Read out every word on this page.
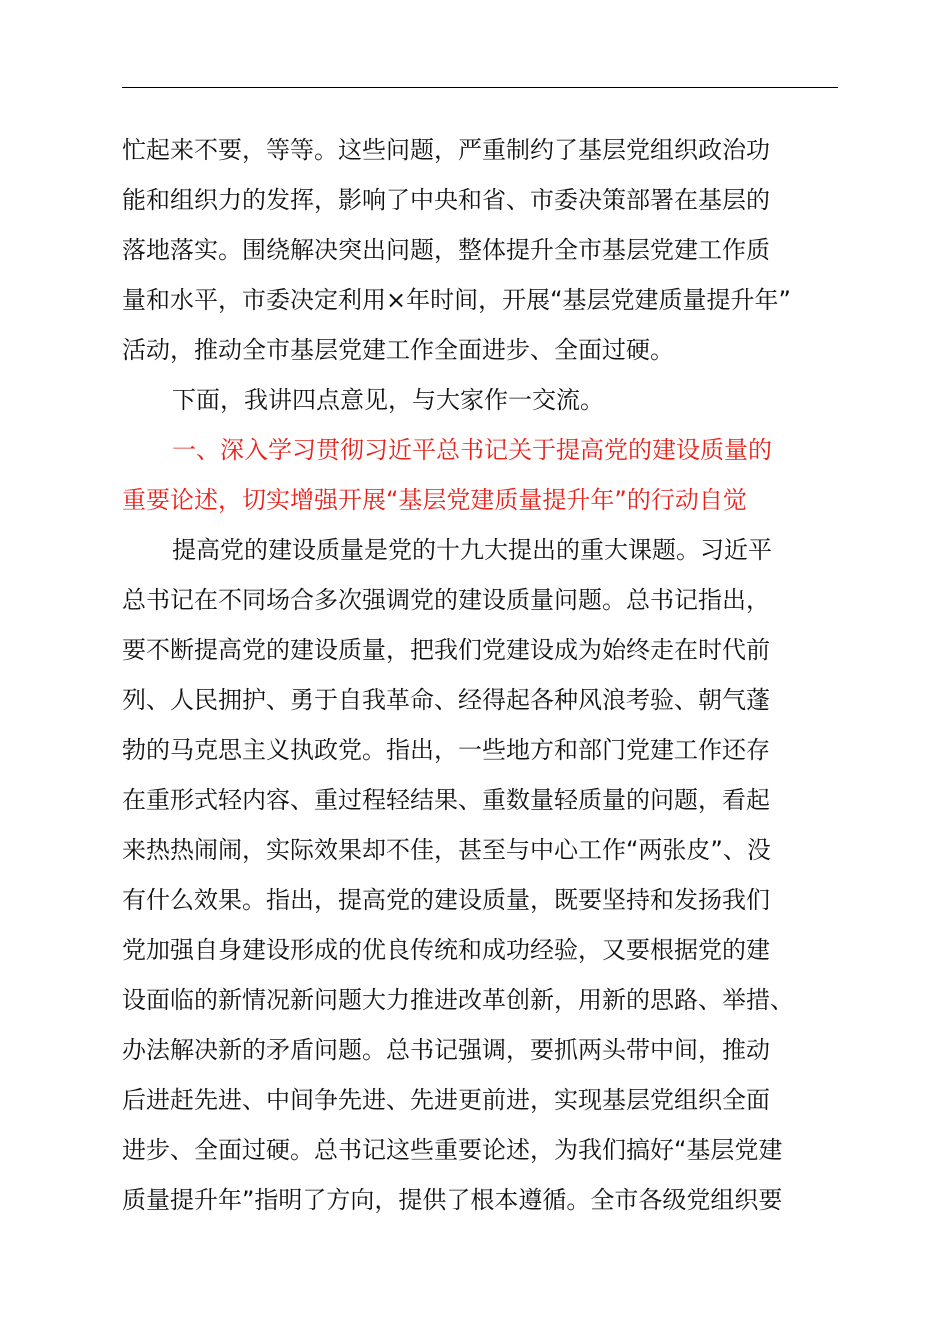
忙起来不要，等等。这些问题，严重制约了基层党组织政治功
能和组织力的发挥，影响了中央和省、市委决策部署在基层的
落地落实。围绕解决突出问题，整体提升全市基层党建工作质
量和水平，市委决定利用×年时间，开展“基层党建质量提升年”
活动，推动全市基层党建工作全面进步、全面过硬。
下面，我讲四点意见，与大家作一交流。
一、深入学习贯彻习近平总书记关于提高党的建设质量的
重要论述，切实增强开展“基层党建质量提升年”的行动自觉
提高党的建设质量是党的十九大提出的重大课题。习近平
总书记在不同场合多次强调党的建设质量问题。总书记指出，
要不断提高党的建设质量，把我们党建设成为始终走在时代前
列、人民拥护、勇于自我革命、经得起各种风浪考验、朝气蓬
勃的马克思主义执政党。指出，一些地方和部门党建工作还存
在重形式轻内容、重过程轻结果、重数量轻质量的问题，看起
来热热闹闹，实际效果却不佳，甚至与中心工作“两张皮”、没
有什么效果。指出，提高党的建设质量，既要坚持和发扬我们
党加强自身建设形成的优良传统和成功经验，又要根据党的建
设面临的新情况新问题大力推进改革创新，用新的思路、举措、
办法解决新的矛盾问题。总书记强调，要抓两头带中间，推动
后进赶先进、中间争先进、先进更前进，实现基层党组织全面
进步、全面过硬。总书记这些重要论述，为我们搞好“基层党建
质量提升年”指明了方向，提供了根本遵循。全市各级党组织要
